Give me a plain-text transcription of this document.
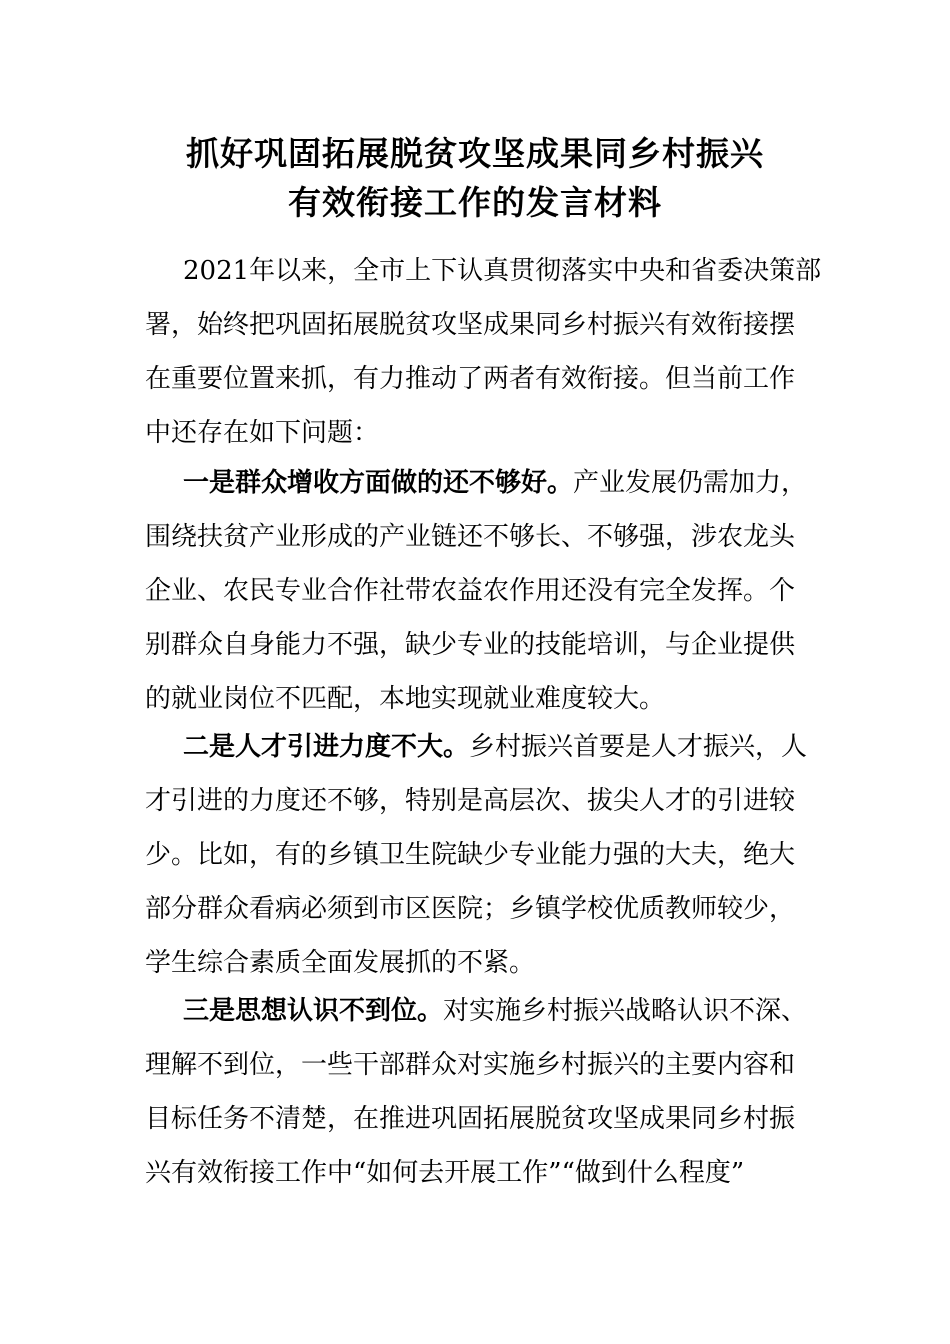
抓好巩固拓展脱贫攻坚成果同乡村振兴
有效衔接工作的发言材料
2021年以来，全市上下认真贯彻落实中央和省委决策部
署，始终把巩固拓展脱贫攻坚成果同乡村振兴有效衔接摆
在重要位置来抓，有力推动了两者有效衔接。但当前工作
中还存在如下问题：
一是群众增收方面做的还不够好。产业发展仍需加力，
围绕扶贫产业形成的产业链还不够长、不够强，涉农龙头
企业、农民专业合作社带农益农作用还没有完全发挥。个
别群众自身能力不强，缺少专业的技能培训，与企业提供
的就业岗位不匹配，本地实现就业难度较大。
二是人才引进力度不大。乡村振兴首要是人才振兴，人
才引进的力度还不够，特别是高层次、拔尖人才的引进较
少。比如，有的乡镇卫生院缺少专业能力强的大夫，绝大
部分群众看病必须到市区医院；乡镇学校优质教师较少，
学生综合素质全面发展抓的不紧。
三是思想认识不到位。对实施乡村振兴战略认识不深、
理解不到位，一些干部群众对实施乡村振兴的主要内容和
目标任务不清楚，在推进巩固拓展脱贫攻坚成果同乡村振
兴有效衔接工作中“如何去开展工作”“做到什么程度”
